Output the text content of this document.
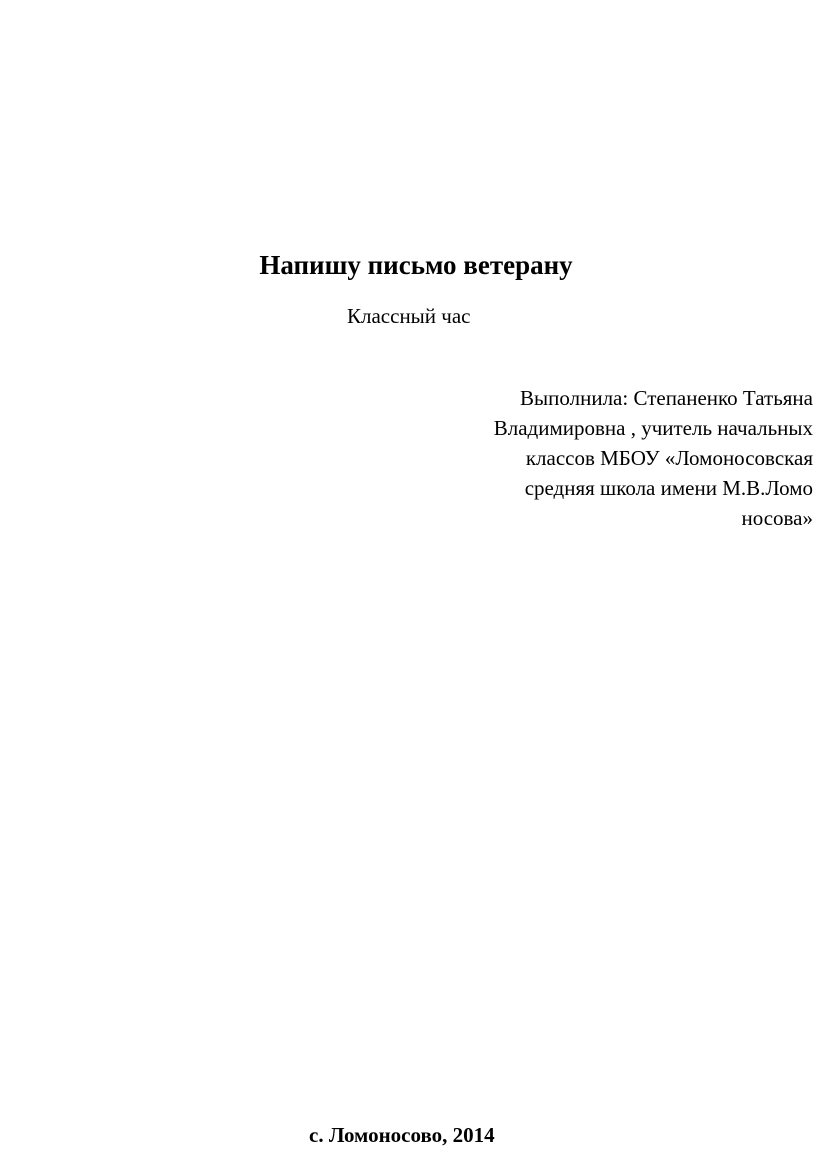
Напишу письмо ветерану

Классный час

Выполнила: Степаненко Татьяна
Владимировна , учитель начальных
классов МБОУ «Ломоносовская
средняя школа имени М.В.Ломо
носова»

с. Ломоносово, 2014
